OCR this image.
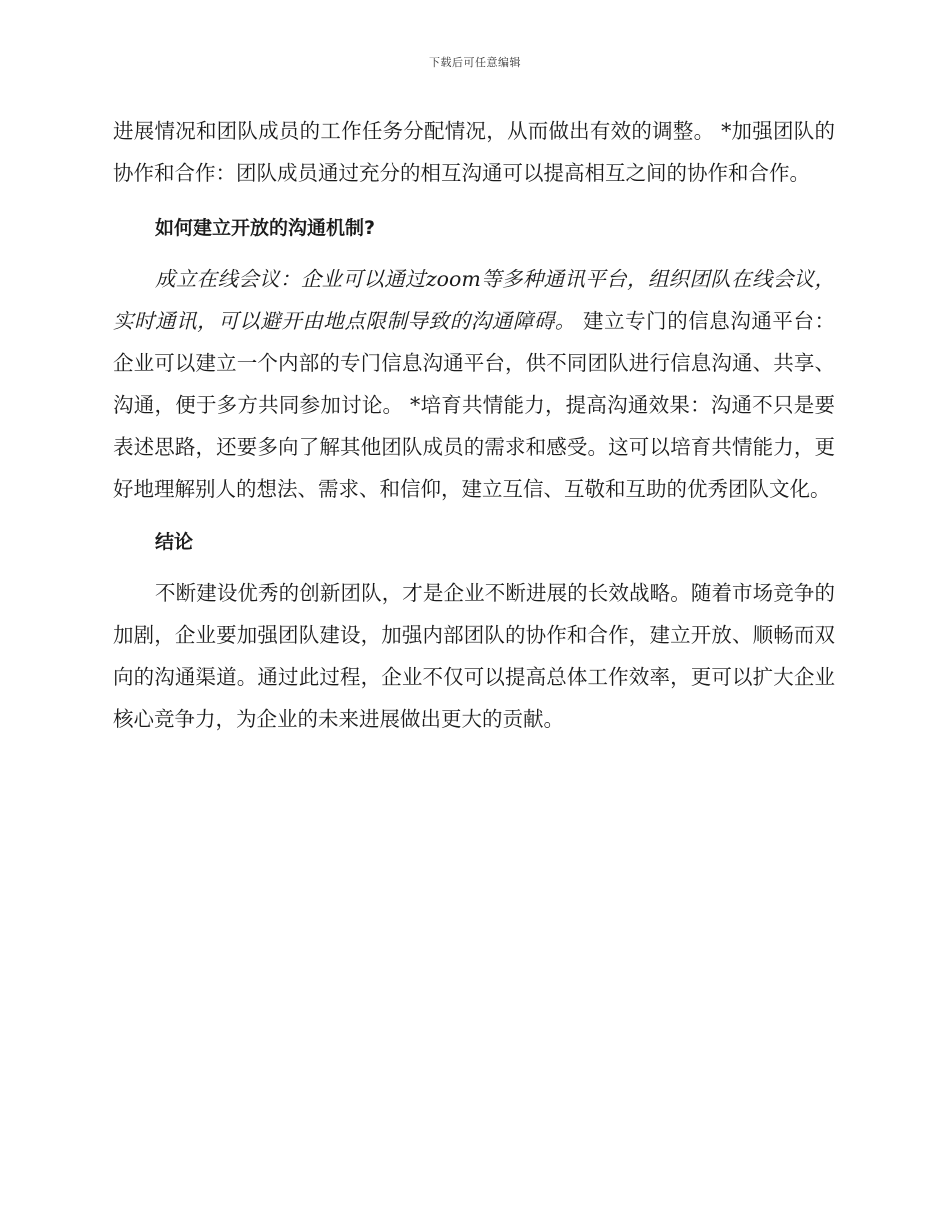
下载后可任意编辑

进展情况和团队成员的工作任务分配情况，从而做出有效的调整。 *加强团队的协作和合作：团队成员通过充分的相互沟通可以提高相互之间的协作和合作。

如何建立开放的沟通机制?

成立在线会议：企业可以通过zoom等多种通讯平台，组织团队在线会议，实时通讯，可以避开由地点限制导致的沟通障碍。 建立专门的信息沟通平台：企业可以建立一个内部的专门信息沟通平台，供不同团队进行信息沟通、共享、沟通，便于多方共同参加讨论。 *培育共情能力，提高沟通效果：沟通不只是要表述思路，还要多向了解其他团队成员的需求和感受。这可以培育共情能力，更好地理解别人的想法、需求、和信仰，建立互信、互敬和互助的优秀团队文化。

结论

不断建设优秀的创新团队，才是企业不断进展的长效战略。随着市场竞争的加剧，企业要加强团队建设，加强内部团队的协作和合作，建立开放、顺畅而双向的沟通渠道。通过此过程，企业不仅可以提高总体工作效率，更可以扩大企业核心竞争力，为企业的未来进展做出更大的贡献。
